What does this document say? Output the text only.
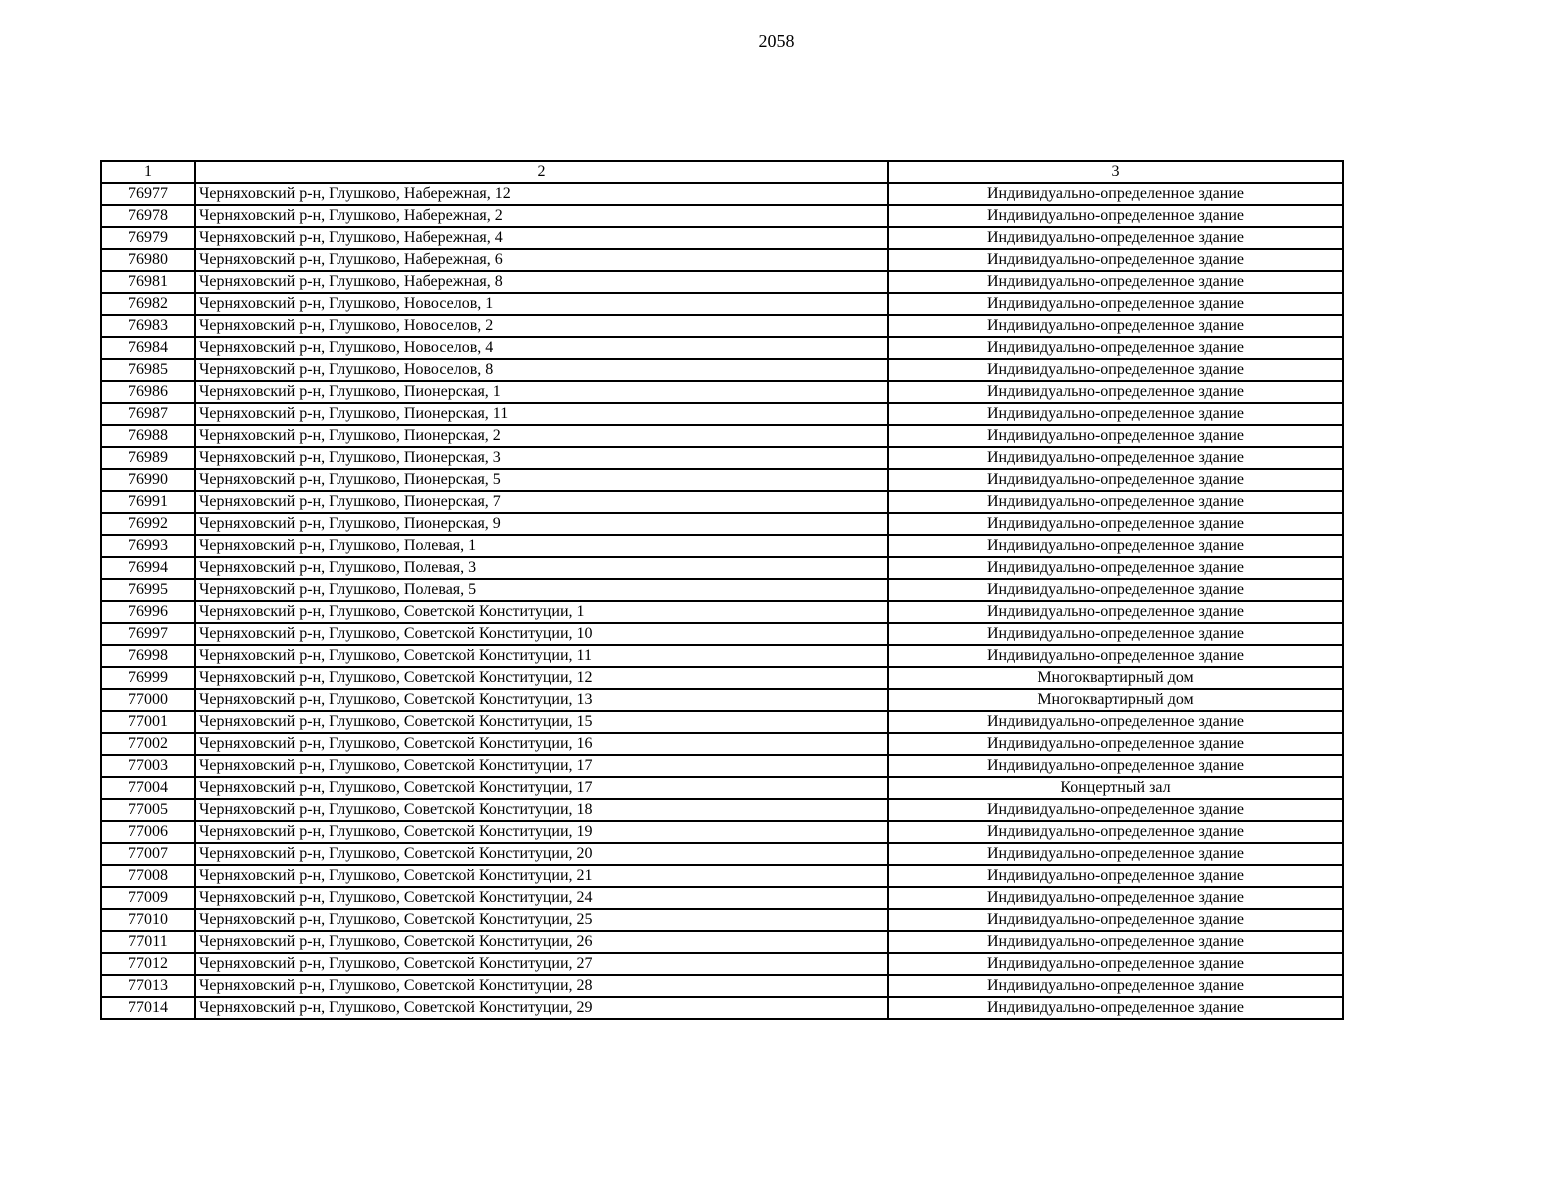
2058
1	2	3
76977	Черняховский р-н, Глушково, Набережная, 12	Индивидуально-определенное здание
76978	Черняховский р-н, Глушково, Набережная, 2	Индивидуально-определенное здание
76979	Черняховский р-н, Глушково, Набережная, 4	Индивидуально-определенное здание
76980	Черняховский р-н, Глушково, Набережная, 6	Индивидуально-определенное здание
76981	Черняховский р-н, Глушково, Набережная, 8	Индивидуально-определенное здание
76982	Черняховский р-н, Глушково, Новоселов, 1	Индивидуально-определенное здание
76983	Черняховский р-н, Глушково, Новоселов, 2	Индивидуально-определенное здание
76984	Черняховский р-н, Глушково, Новоселов, 4	Индивидуально-определенное здание
76985	Черняховский р-н, Глушково, Новоселов, 8	Индивидуально-определенное здание
76986	Черняховский р-н, Глушково, Пионерская, 1	Индивидуально-определенное здание
76987	Черняховский р-н, Глушково, Пионерская, 11	Индивидуально-определенное здание
76988	Черняховский р-н, Глушково, Пионерская, 2	Индивидуально-определенное здание
76989	Черняховский р-н, Глушково, Пионерская, 3	Индивидуально-определенное здание
76990	Черняховский р-н, Глушково, Пионерская, 5	Индивидуально-определенное здание
76991	Черняховский р-н, Глушково, Пионерская, 7	Индивидуально-определенное здание
76992	Черняховский р-н, Глушково, Пионерская, 9	Индивидуально-определенное здание
76993	Черняховский р-н, Глушково, Полевая, 1	Индивидуально-определенное здание
76994	Черняховский р-н, Глушково, Полевая, 3	Индивидуально-определенное здание
76995	Черняховский р-н, Глушково, Полевая, 5	Индивидуально-определенное здание
76996	Черняховский р-н, Глушково, Советской Конституции, 1	Индивидуально-определенное здание
76997	Черняховский р-н, Глушково, Советской Конституции, 10	Индивидуально-определенное здание
76998	Черняховский р-н, Глушково, Советской Конституции, 11	Индивидуально-определенное здание
76999	Черняховский р-н, Глушково, Советской Конституции, 12	Многоквартирный дом
77000	Черняховский р-н, Глушково, Советской Конституции, 13	Многоквартирный дом
77001	Черняховский р-н, Глушково, Советской Конституции, 15	Индивидуально-определенное здание
77002	Черняховский р-н, Глушково, Советской Конституции, 16	Индивидуально-определенное здание
77003	Черняховский р-н, Глушково, Советской Конституции, 17	Индивидуально-определенное здание
77004	Черняховский р-н, Глушково, Советской Конституции, 17	Концертный зал
77005	Черняховский р-н, Глушково, Советской Конституции, 18	Индивидуально-определенное здание
77006	Черняховский р-н, Глушково, Советской Конституции, 19	Индивидуально-определенное здание
77007	Черняховский р-н, Глушково, Советской Конституции, 20	Индивидуально-определенное здание
77008	Черняховский р-н, Глушково, Советской Конституции, 21	Индивидуально-определенное здание
77009	Черняховский р-н, Глушково, Советской Конституции, 24	Индивидуально-определенное здание
77010	Черняховский р-н, Глушково, Советской Конституции, 25	Индивидуально-определенное здание
77011	Черняховский р-н, Глушково, Советской Конституции, 26	Индивидуально-определенное здание
77012	Черняховский р-н, Глушково, Советской Конституции, 27	Индивидуально-определенное здание
77013	Черняховский р-н, Глушково, Советской Конституции, 28	Индивидуально-определенное здание
77014	Черняховский р-н, Глушково, Советской Конституции, 29	Индивидуально-определенное здание
